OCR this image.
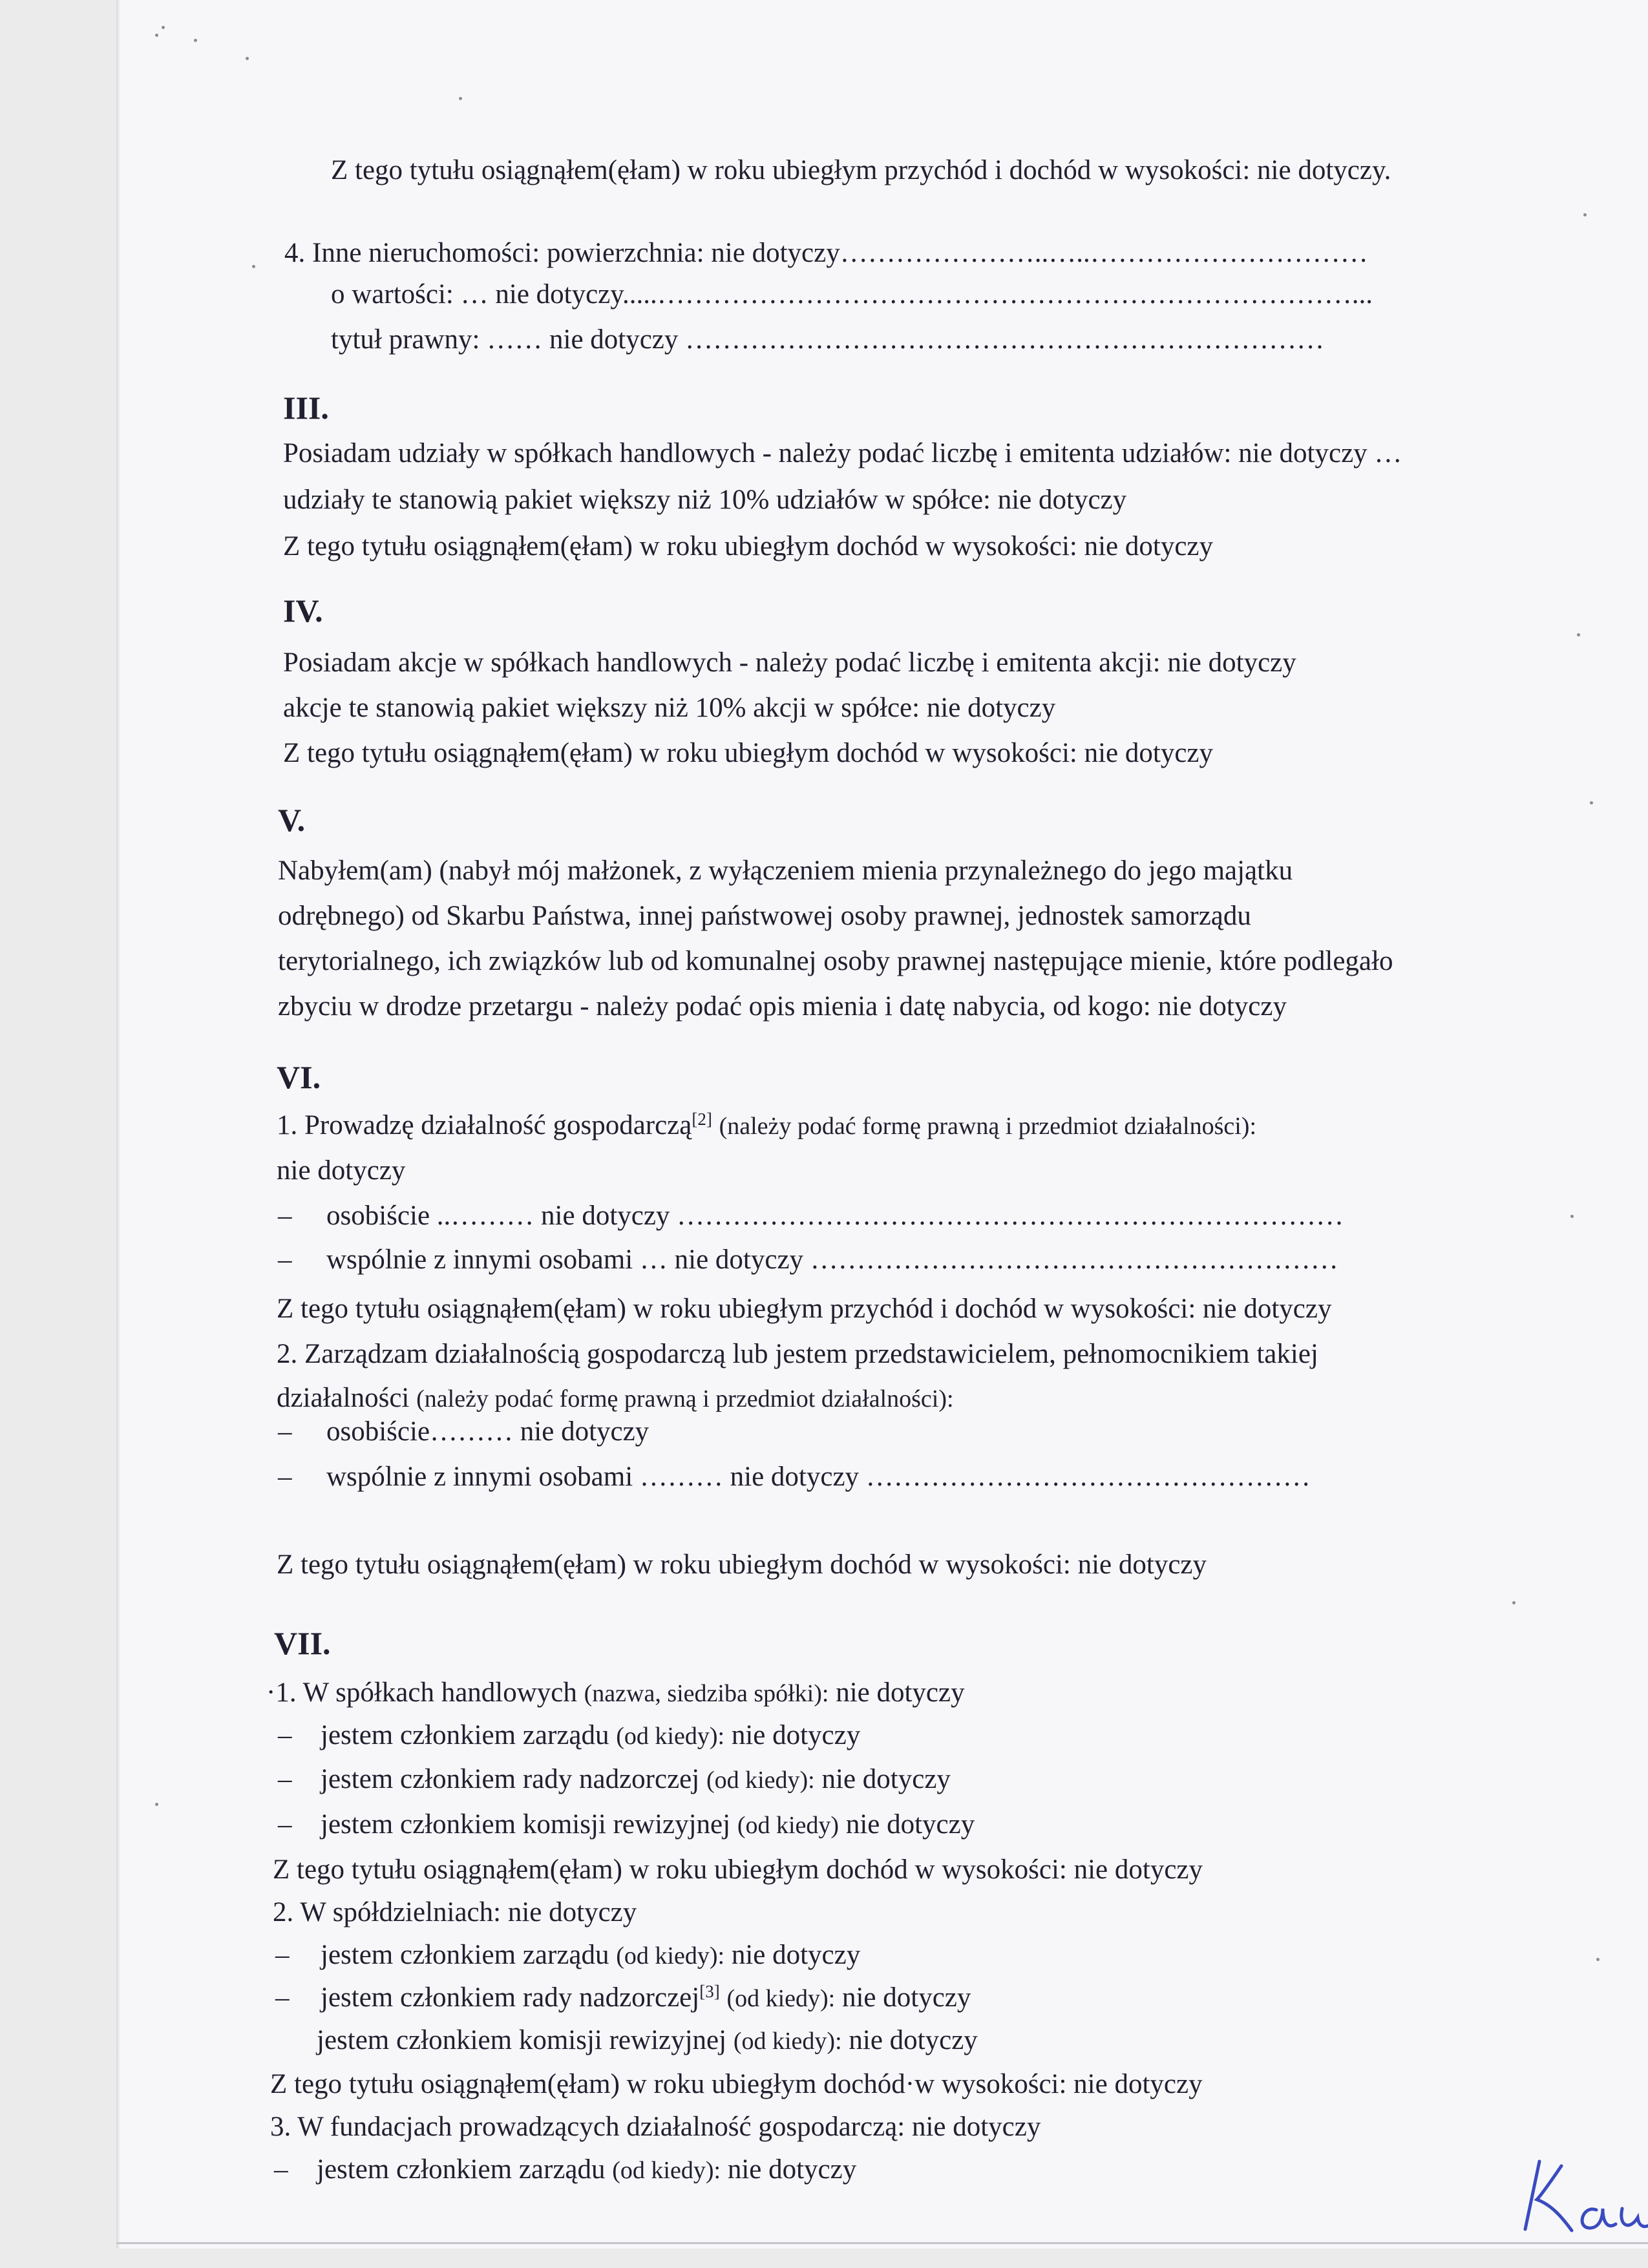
Z tego tytułu osiągnąłem(ęłam) w roku ubiegłym przychód i dochód w wysokości: nie dotyczy.
4. Inne nieruchomości: powierzchnia: nie dotyczy…………………..…..…………………………
o wartości: … nie dotyczy.....…………………………………………………………………...
tytuł prawny: …… nie dotyczy ……………………………………………………………
III.
Posiadam udziały w spółkach handlowych - należy podać liczbę i emitenta udziałów: nie dotyczy …
udziały te stanowią pakiet większy niż 10% udziałów w spółce: nie dotyczy
Z tego tytułu osiągnąłem(ęłam) w roku ubiegłym dochód w wysokości: nie dotyczy
IV.
Posiadam akcje w spółkach handlowych - należy podać liczbę i emitenta akcji: nie dotyczy
akcje te stanowią pakiet większy niż 10% akcji w spółce: nie dotyczy
Z tego tytułu osiągnąłem(ęłam) w roku ubiegłym dochód w wysokości: nie dotyczy
V.
Nabyłem(am) (nabył mój małżonek, z wyłączeniem mienia przynależnego do jego majątku
odrębnego) od Skarbu Państwa, innej państwowej osoby prawnej, jednostek samorządu
terytorialnego, ich związków lub od komunalnej osoby prawnej następujące mienie, które podlegało
zbyciu w drodze przetargu - należy podać opis mienia i datę nabycia, od kogo: nie dotyczy
VI.
1. Prowadzę działalność gospodarczą[2] (należy podać formę prawną i przedmiot działalności):
nie dotyczy
– osobiście ..……… nie dotyczy ………………………………………………………………
– wspólnie z innymi osobami … nie dotyczy …………………………………………………
Z tego tytułu osiągnąłem(ęłam) w roku ubiegłym przychód i dochód w wysokości: nie dotyczy
2. Zarządzam działalnością gospodarczą lub jestem przedstawicielem, pełnomocnikiem takiej
działalności (należy podać formę prawną i przedmiot działalności):
– osobiście……… nie dotyczy
– wspólnie z innymi osobami ……… nie dotyczy …………………………………………
Z tego tytułu osiągnąłem(ęłam) w roku ubiegłym dochód w wysokości: nie dotyczy
VII.
·1. W spółkach handlowych (nazwa, siedziba spółki): nie dotyczy
– jestem członkiem zarządu (od kiedy): nie dotyczy
– jestem członkiem rady nadzorczej (od kiedy): nie dotyczy
– jestem członkiem komisji rewizyjnej (od kiedy) nie dotyczy
Z tego tytułu osiągnąłem(ęłam) w roku ubiegłym dochód w wysokości: nie dotyczy
2. W spółdzielniach: nie dotyczy
– jestem członkiem zarządu (od kiedy): nie dotyczy
– jestem członkiem rady nadzorczej[3] (od kiedy): nie dotyczy
jestem członkiem komisji rewizyjnej (od kiedy): nie dotyczy
Z tego tytułu osiągnąłem(ęłam) w roku ubiegłym dochód·w wysokości: nie dotyczy
3. W fundacjach prowadzących działalność gospodarczą: nie dotyczy
– jestem członkiem zarządu (od kiedy): nie dotyczy
